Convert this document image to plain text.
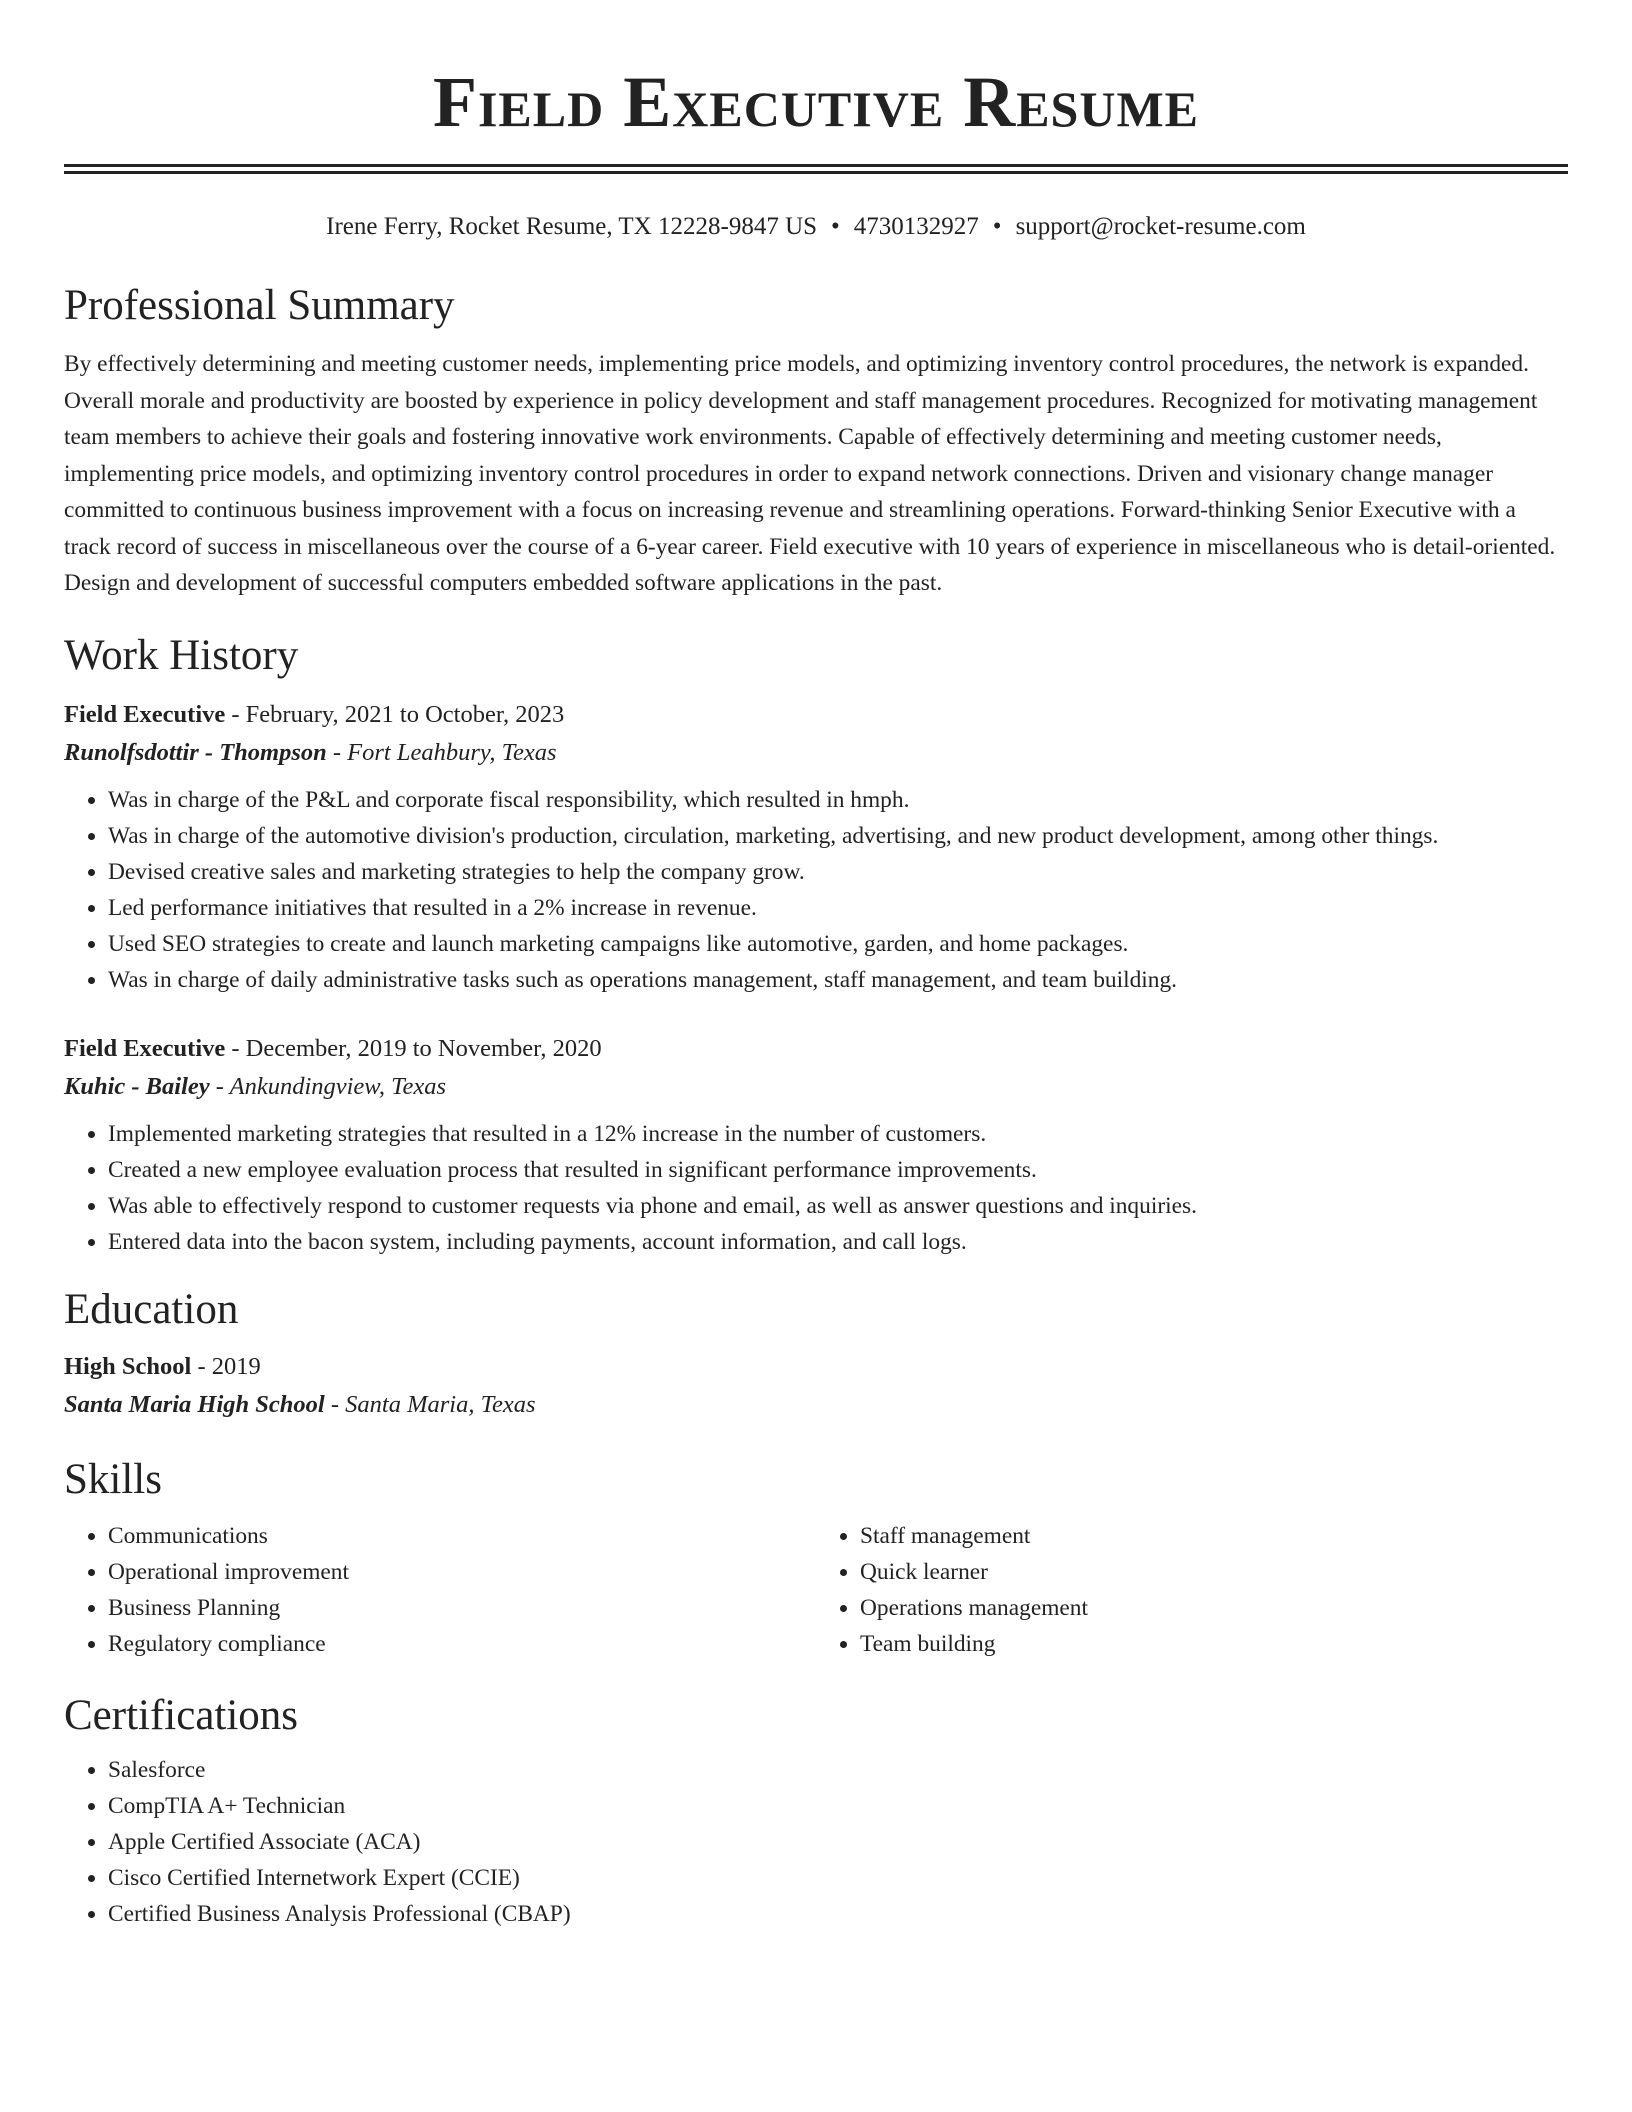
Field Executive Resume
Irene Ferry, Rocket Resume, TX 12228-9847 US • 4730132927 • support@rocket-resume.com
Professional Summary

By effectively determining and meeting customer needs, implementing price models, and optimizing inventory control procedures, the network is expanded. Overall morale and productivity are boosted by experience in policy development and staff management procedures. Recognized for motivating management team members to achieve their goals and fostering innovative work environments. Capable of effectively determining and meeting customer needs, implementing price models, and optimizing inventory control procedures in order to expand network connections. Driven and visionary change manager committed to continuous business improvement with a focus on increasing revenue and streamlining operations. Forward-thinking Senior Executive with a track record of success in miscellaneous over the course of a 6-year career. Field executive with 10 years of experience in miscellaneous who is detail-oriented. Design and development of successful computers embedded software applications in the past.

Work History
Field Executive - February, 2021 to October, 2023
Runolfsdottir - Thompson - Fort Leahbury, Texas
• Was in charge of the P&L and corporate fiscal responsibility, which resulted in hmph.
• Was in charge of the automotive division's production, circulation, marketing, advertising, and new product development, among other things.
• Devised creative sales and marketing strategies to help the company grow.
• Led performance initiatives that resulted in a 2% increase in revenue.
• Used SEO strategies to create and launch marketing campaigns like automotive, garden, and home packages.
• Was in charge of daily administrative tasks such as operations management, staff management, and team building.
Field Executive - December, 2019 to November, 2020
Kuhic - Bailey - Ankundingview, Texas
• Implemented marketing strategies that resulted in a 12% increase in the number of customers.
• Created a new employee evaluation process that resulted in significant performance improvements.
• Was able to effectively respond to customer requests via phone and email, as well as answer questions and inquiries.
• Entered data into the bacon system, including payments, account information, and call logs.
Education
High School - 2019
Santa Maria High School - Santa Maria, Texas
Skills
• Communications
• Operational improvement
• Business Planning
• Regulatory compliance
• Staff management
• Quick learner
• Operations management
• Team building
Certifications
• Salesforce
• CompTIA A+ Technician
• Apple Certified Associate (ACA)
• Cisco Certified Internetwork Expert (CCIE)
• Certified Business Analysis Professional (CBAP)
